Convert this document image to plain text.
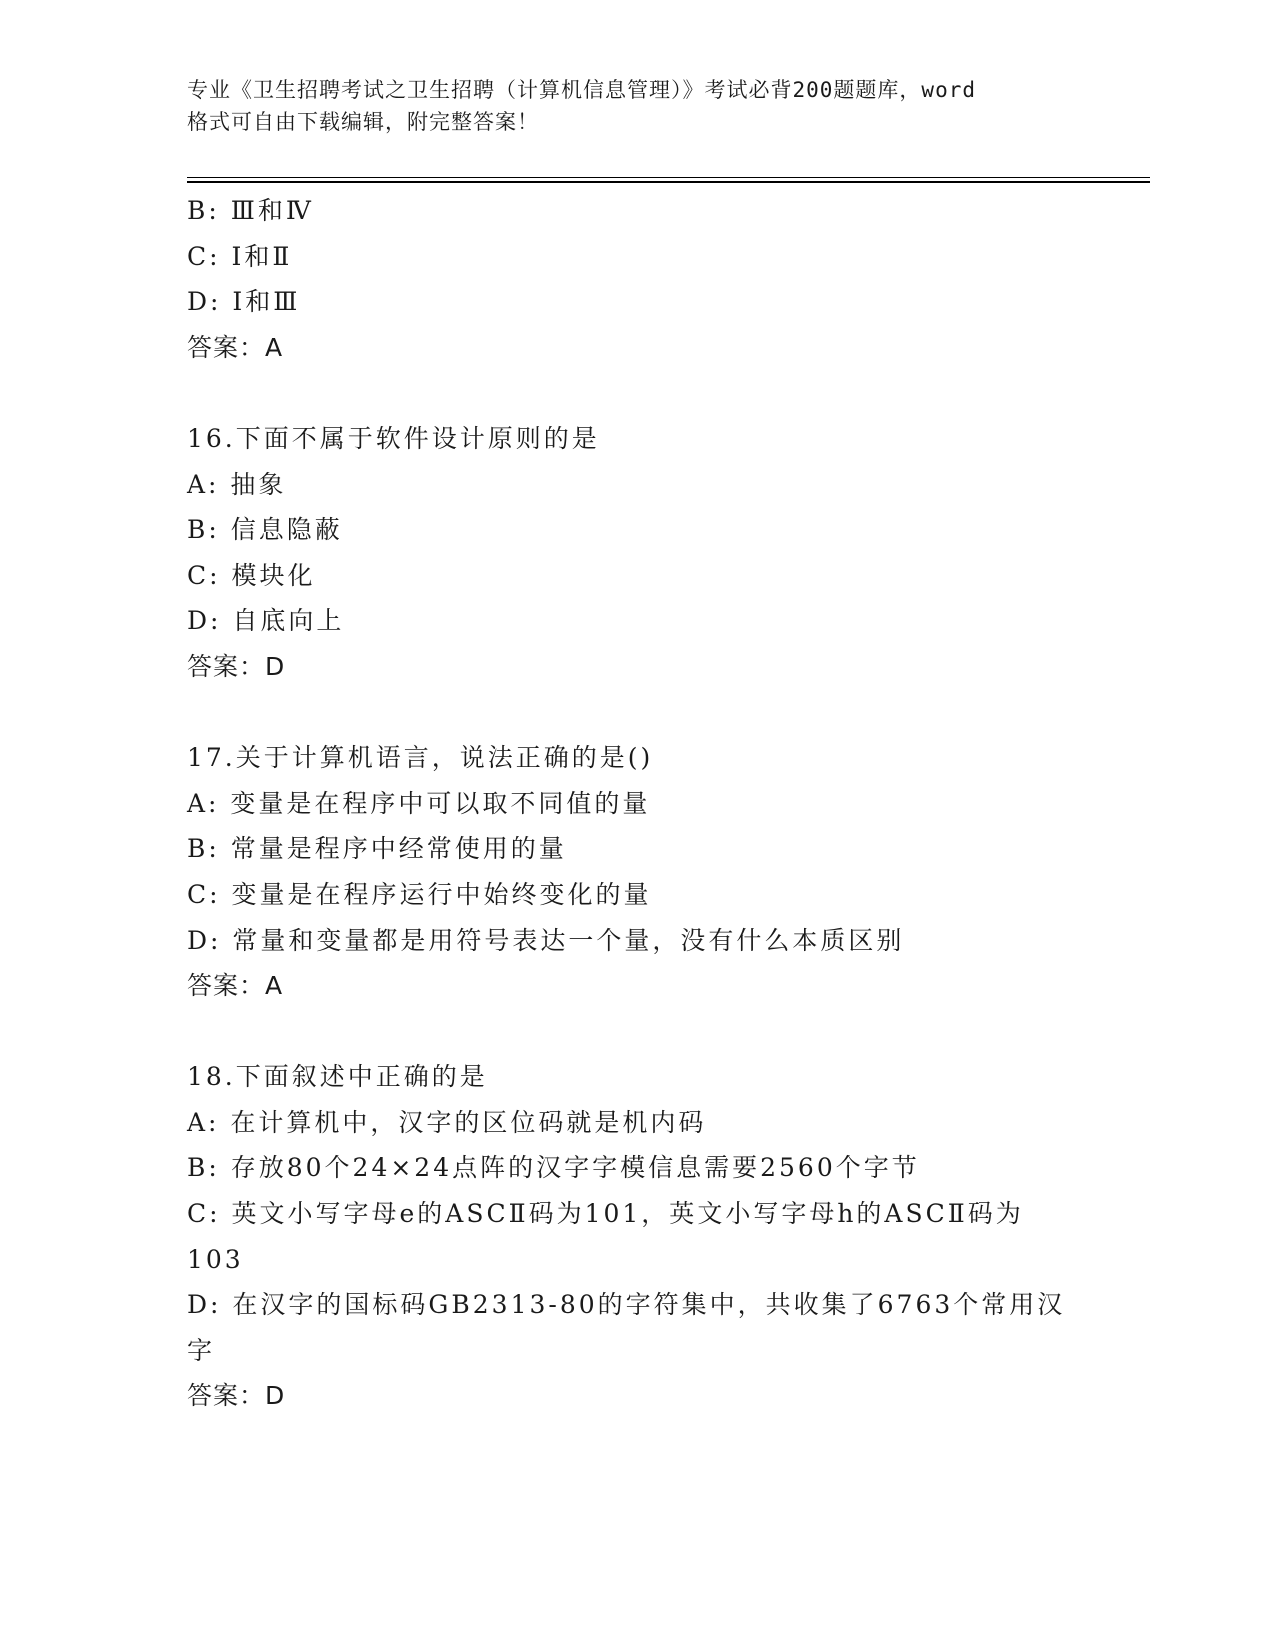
专业《卫生招聘考试之卫生招聘（计算机信息管理）》考试必背200题题库，word
格式可自由下载编辑，附完整答案！
B: Ⅲ和Ⅳ
C: Ⅰ和Ⅱ
D: Ⅰ和Ⅲ
答案：A
16.下面不属于软件设计原则的是
A: 抽象
B: 信息隐蔽
C: 模块化
D: 自底向上
答案：D
17.关于计算机语言，说法正确的是()
A: 变量是在程序中可以取不同值的量
B: 常量是程序中经常使用的量
C: 变量是在程序运行中始终变化的量
D: 常量和变量都是用符号表达一个量，没有什么本质区别
答案：A
18.下面叙述中正确的是
A: 在计算机中，汉字的区位码就是机内码
B: 存放80个24×24点阵的汉字字模信息需要2560个字节
C: 英文小写字母e的ASCⅡ码为101，英文小写字母h的ASCⅡ码为
103
D: 在汉字的国标码GB2313-80的字符集中，共收集了6763个常用汉
字
答案：D
